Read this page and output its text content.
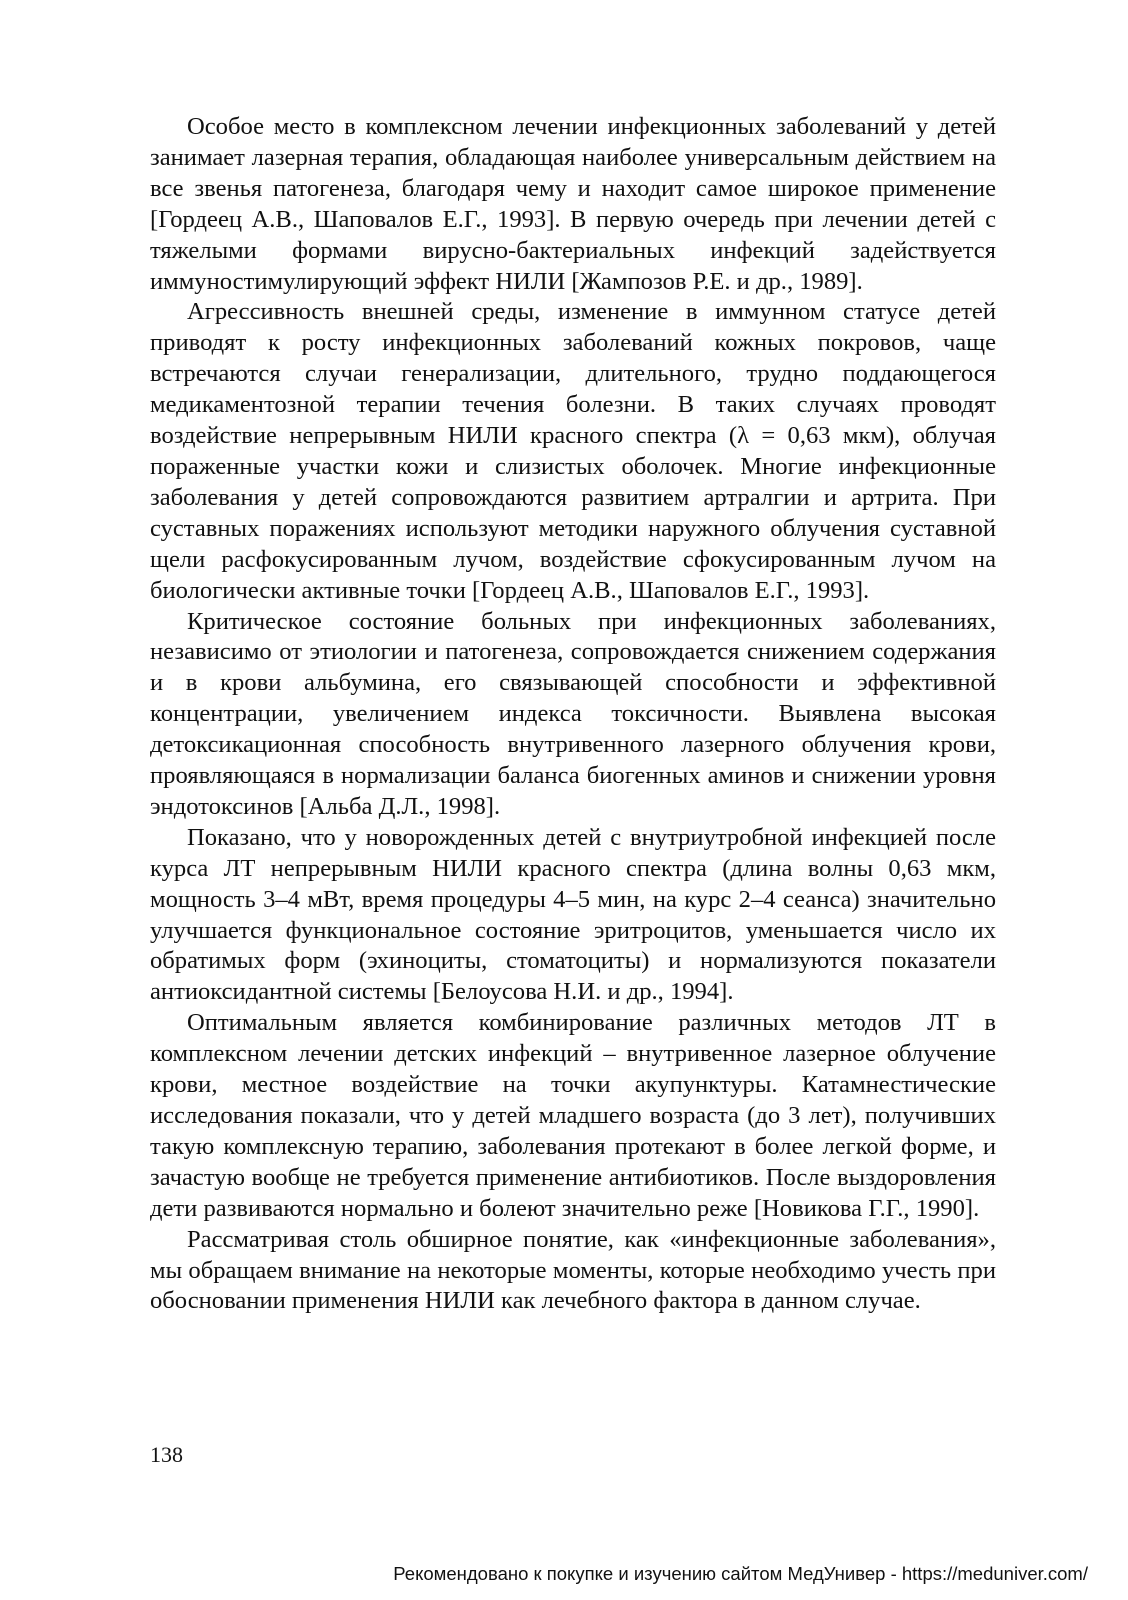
Особое место в комплексном лечении инфекционных заболеваний у детей занимает лазерная терапия, обладающая наиболее универсальным действием на все звенья патогенеза, благодаря чему и находит самое широкое применение [Гордеец А.В., Шаповалов Е.Г., 1993]. В первую очередь при лечении детей с тяжелыми формами вирусно-бактериальных инфекций задействуется иммуностимулирующий эффект НИЛИ [Жампозов Р.Е. и др., 1989].

Агрессивность внешней среды, изменение в иммунном статусе детей приводят к росту инфекционных заболеваний кожных покровов, чаще встречаются случаи генерализации, длительного, трудно поддающегося медикаментозной терапии течения болезни. В таких случаях проводят воздействие непрерывным НИЛИ красного спектра (λ = 0,63 мкм), облучая пораженные участки кожи и слизистых оболочек. Многие инфекционные заболевания у детей сопровождаются развитием артралгии и артрита. При суставных поражениях используют методики наружного облучения суставной щели расфокусированным лучом, воздействие сфокусированным лучом на биологически активные точки [Гордеец А.В., Шаповалов Е.Г., 1993].

Критическое состояние больных при инфекционных заболеваниях, независимо от этиологии и патогенеза, сопровождается снижением содержания и в крови альбумина, его связывающей способности и эффективной концентрации, увеличением индекса токсичности. Выявлена высокая детоксикационная способность внутривенного лазерного облучения крови, проявляющаяся в нормализации баланса биогенных аминов и снижении уровня эндотоксинов [Альба Д.Л., 1998].

Показано, что у новорожденных детей с внутриутробной инфекцией после курса ЛТ непрерывным НИЛИ красного спектра (длина волны 0,63 мкм, мощность 3–4 мВт, время процедуры 4–5 мин, на курс 2–4 сеанса) значительно улучшается функциональное состояние эритроцитов, уменьшается число их обратимых форм (эхиноциты, стоматоциты) и нормализуются показатели антиоксидантной системы [Белоусова Н.И. и др., 1994].

Оптимальным является комбинирование различных методов ЛТ в комплексном лечении детских инфекций – внутривенное лазерное облучение крови, местное воздействие на точки акупунктуры. Катамнестические исследования показали, что у детей младшего возраста (до 3 лет), получивших такую комплексную терапию, заболевания протекают в более легкой форме, и зачастую вообще не требуется применение антибиотиков. После выздоровления дети развиваются нормально и болеют значительно реже [Новикова Г.Г., 1990].

Рассматривая столь обширное понятие, как «инфекционные заболевания», мы обращаем внимание на некоторые моменты, которые необходимо учесть при обосновании применения НИЛИ как лечебного фактора в данном случае.

138
Рекомендовано к покупке и изучению сайтом МедУнивер - https://meduniver.com/
